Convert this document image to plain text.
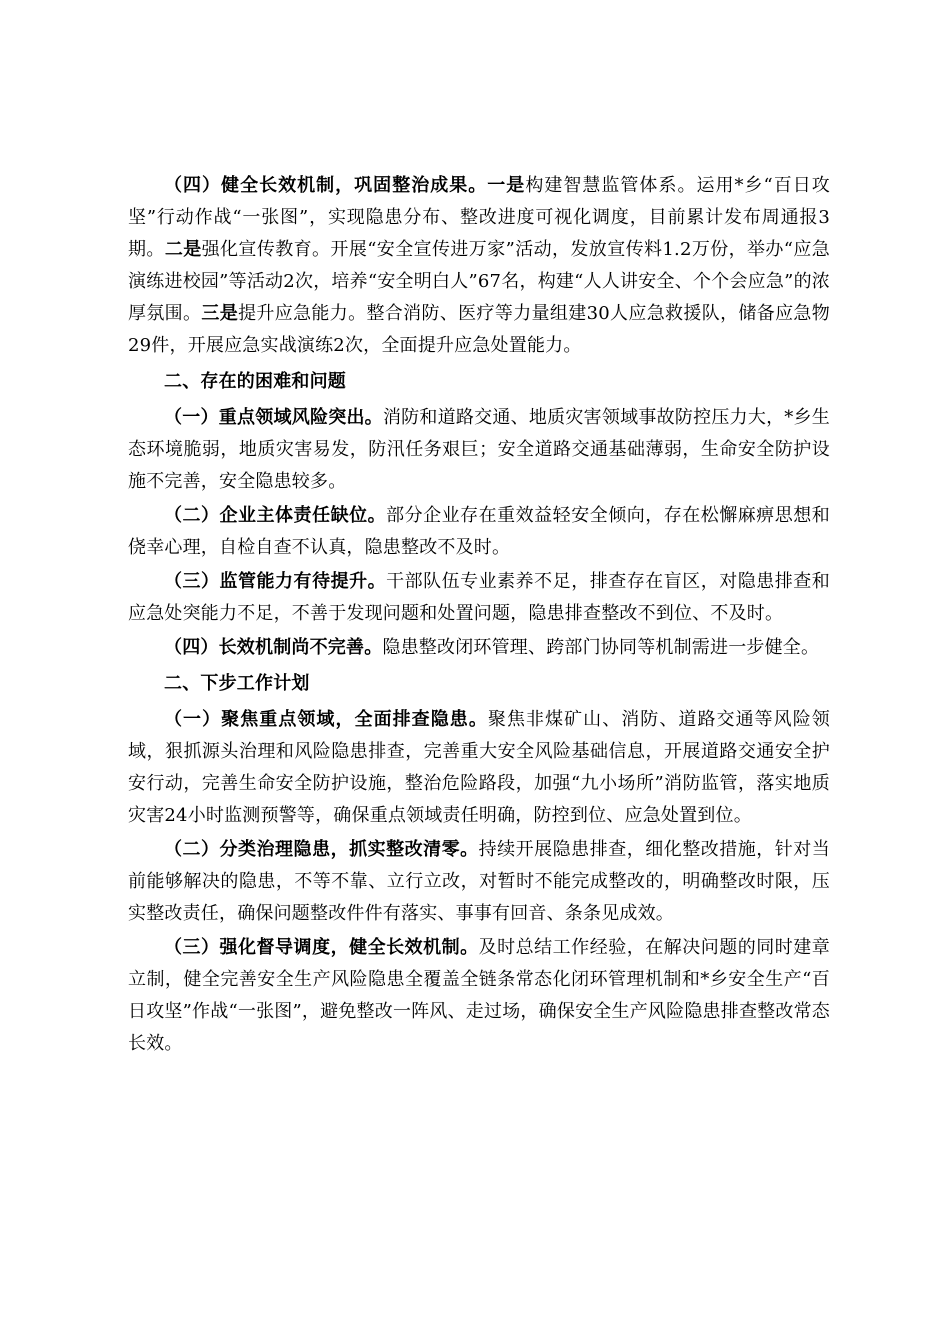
（四）健全长效机制，巩固整治成果。一是构建智慧监管体系。运用*乡“百日攻坚”行动作战“一张图”，实现隐患分布、整改进度可视化调度，目前累计发布周通报3期。二是强化宣传教育。开展“安全宣传进万家”活动，发放宣传料1.2万份，举办“应急演练进校园”等活动2次，培养“安全明白人”67名，构建“人人讲安全、个个会应急”的浓厚氛围。三是提升应急能力。整合消防、医疗等力量组建30人应急救援队，储备应急物29件，开展应急实战演练2次，全面提升应急处置能力。

二、存在的困难和问题

（一）重点领域风险突出。消防和道路交通、地质灾害领域事故防控压力大，*乡生态环境脆弱，地质灾害易发，防汛任务艰巨；安全道路交通基础薄弱，生命安全防护设施不完善，安全隐患较多。

（二）企业主体责任缺位。部分企业存在重效益轻安全倾向，存在松懈麻痹思想和侥幸心理，自检自查不认真，隐患整改不及时。

（三）监管能力有待提升。干部队伍专业素养不足，排查存在盲区，对隐患排查和应急处突能力不足，不善于发现问题和处置问题，隐患排查整改不到位、不及时。

（四）长效机制尚不完善。隐患整改闭环管理、跨部门协同等机制需进一步健全。

二、下步工作计划

（一）聚焦重点领域，全面排查隐患。聚焦非煤矿山、消防、道路交通等风险领域，狠抓源头治理和风险隐患排查，完善重大安全风险基础信息，开展道路交通安全护安行动，完善生命安全防护设施，整治危险路段，加强“九小场所”消防监管，落实地质灾害24小时监测预警等，确保重点领域责任明确，防控到位、应急处置到位。

（二）分类治理隐患，抓实整改清零。持续开展隐患排查，细化整改措施，针对当前能够解决的隐患，不等不靠、立行立改，对暂时不能完成整改的，明确整改时限，压实整改责任，确保问题整改件件有落实、事事有回音、条条见成效。

（三）强化督导调度，健全长效机制。及时总结工作经验，在解决问题的同时建章立制，健全完善安全生产风险隐患全覆盖全链条常态化闭环管理机制和*乡安全生产“百日攻坚”作战“一张图”，避免整改一阵风、走过场，确保安全生产风险隐患排查整改常态长效。
